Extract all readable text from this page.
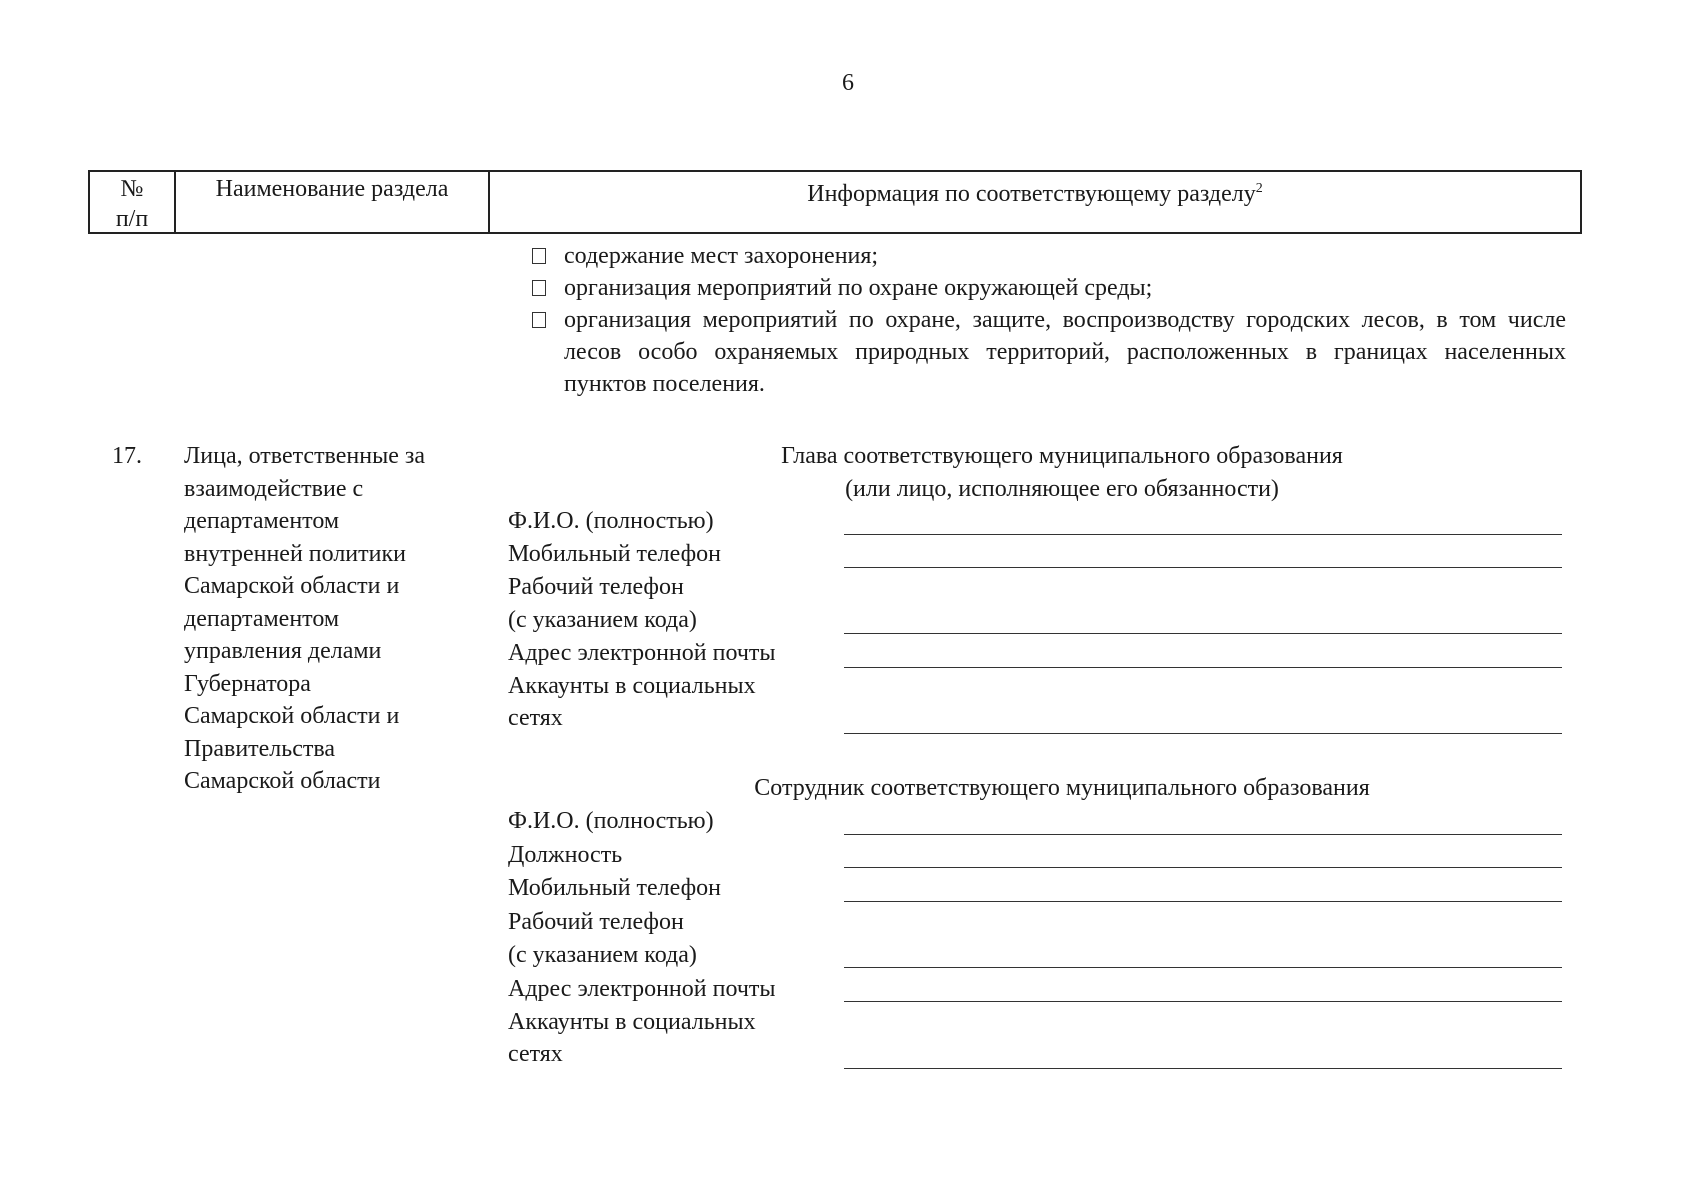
6
№
п/п
Наименование раздела	Информация по соответствующему разделу$^2$
содержание мест захоронения;
организация мероприятий по охране окружающей среды;
организация мероприятий по охране, защите, воспроизводству городских лесов, в том числе лесов особо охраняемых природных территорий, расположенных в границах населенных пунктов поселения.
17. Лица, ответственные за
взаимодействие с
департаментом
внутренней политики
Самарской области и
департаментом
управления делами
Губернатора
Самарской области и
Правительства
Самарской области
Глава соответствующего муниципального образования
(или лицо, исполняющее его обязанности)
Ф.И.О. (полностью)
Мобильный телефон
Рабочий телефон
(с указанием кода)
Адрес электронной почты
Аккаунты в социальных
сетях
Сотрудник соответствующего муниципального образования
Ф.И.О. (полностью)
Должность
Мобильный телефон
Рабочий телефон
(с указанием кода)
Адрес электронной почты
Аккаунты в социальных
сетях
